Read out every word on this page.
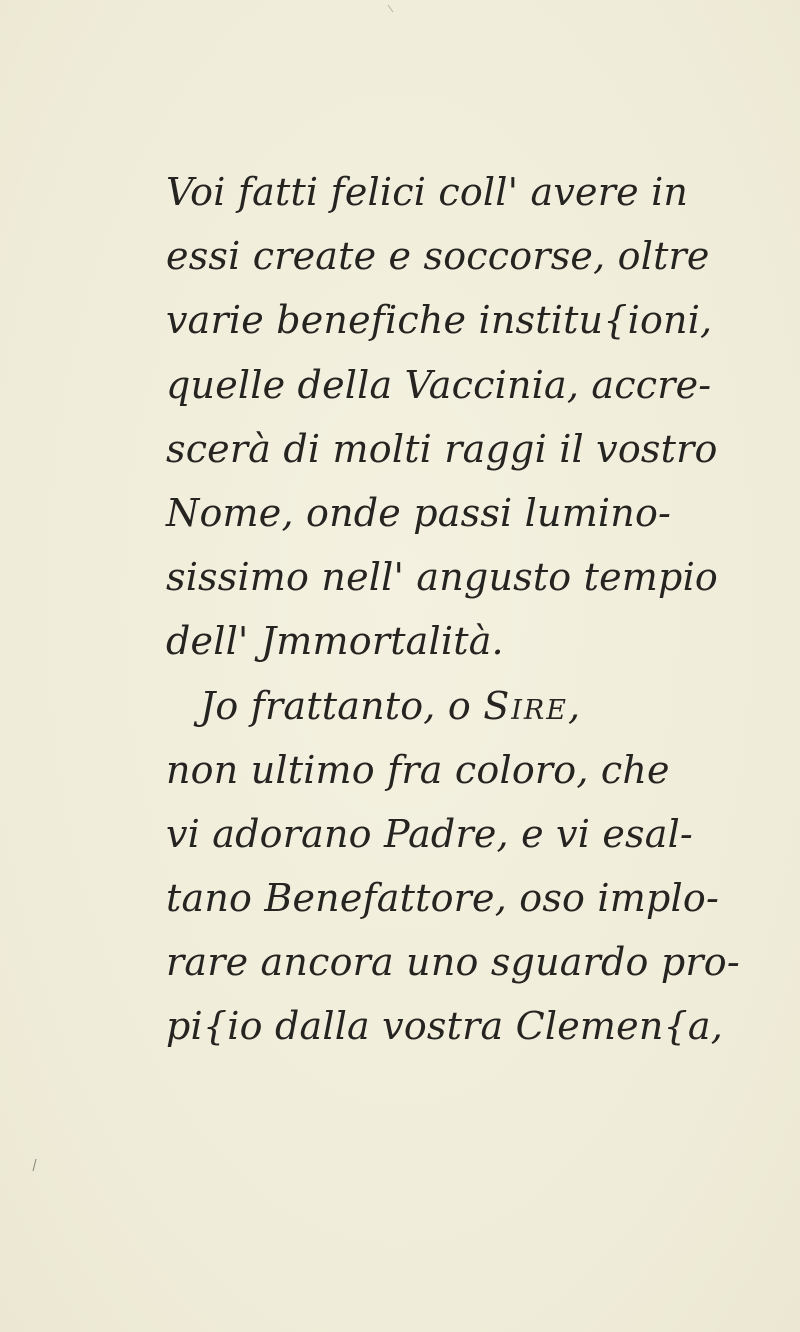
Voi fatti felici coll' avere in
essi create e soccorse, oltre
varie benefiche institu{ioni,
quelle della Vaccinia, accre-
scerà di molti raggi il vostro
Nome, onde passi lumino-
sissimo nell' angusto tempio
dell' Jmmortalità.
Jo frattanto, o Sire,
non ultimo fra coloro, che
vi adorano Padre, e vi esal-
tano Benefattore, oso implo-
rare ancora uno sguardo pro-
pi{io dalla vostra Clemen{a,
